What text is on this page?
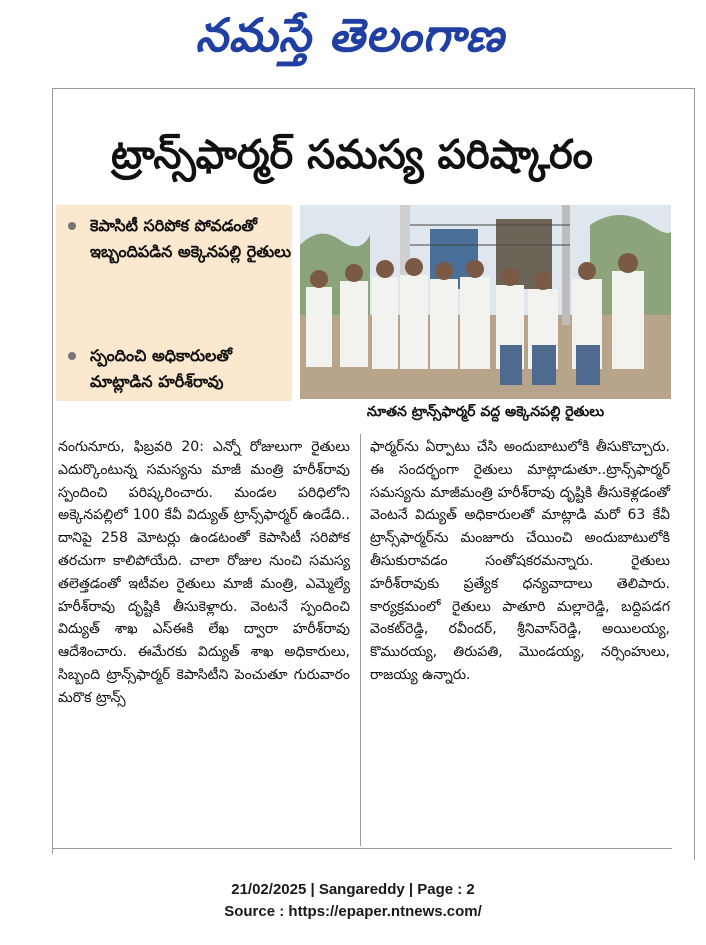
నమస్తే తెలంగాణ
ట్రాన్స్‌ఫార్మర్ సమస్య పరిష్కారం
కెపాసిటీ సరిపోక పోవడంతో ఇబ్బందిపడిన అక్కెనపల్లి రైతులు
స్పందించి అధికారులతో మాట్లాడిన హరీశ్‌రావు
నూతన ట్రాన్స్‌ఫార్మర్ వద్ద అక్కెనపల్లి రైతులు

నంగునూరు, ఫిబ్రవరి 20: ఎన్నో రోజులుగా రైతులు ఎదుర్కొంటున్న సమస్యను మాజీ మంత్రి హరీశ్‌రావు స్పందించి పరిష్కరించారు. మండల పరిధిలోని అక్కెనపల్లిలో 100 కేవీ విద్యుత్ ట్రాన్స్‌ఫార్మర్ ఉండేది.. దానిపై 258 మోటర్లు ఉండటంతో కెపాసిటీ సరిపోక తరచుగా కాలిపోయేది. చాలా రోజుల నుంచి సమస్య తలెత్తడంతో ఇటీవల రైతులు మాజీ మంత్రి, ఎమ్మెల్యే హరీశ్‌రావు దృష్టికి తీసుకెళ్లారు. వెంటనే స్పందించి విద్యుత్ శాఖ ఎస్‌ఈకి లేఖ ద్వారా హరీశ్‌రావు ఆదేశించారు. ఈమేరకు విద్యుత్ శాఖ అధికారులు, సిబ్బంది ట్రాన్స్‌ఫార్మర్ కెపాసిటీని పెంచుతూ గురువారం మరొక ట్రాన్స్‌

ఫార్మర్‌ను ఏర్పాటు చేసి అందుబాటులోకి తీసుకొచ్చారు. ఈ సందర్భంగా రైతులు మాట్లాడుతూ..ట్రాన్స్‌ఫార్మర్ సమస్యను మాజీమంత్రి హరీశ్‌రావు దృష్టికి తీసుకెళ్లడంతో వెంటనే విద్యుత్ అధికారులతో మాట్లాడి మరో 63 కేవీ ట్రాన్స్‌ఫార్మర్‌ను మంజూరు చేయించి అందుబాటులోకి తీసుకురావడం సంతోషకరమన్నారు. రైతులు హరీశ్‌రావుకు ప్రత్యేక ధన్యవాదాలు తెలిపారు. కార్యక్రమంలో రైతులు పాతూరి మల్లారెడ్డి, బద్దిపడగ వెంకట్‌రెడ్డి, రవీందర్, శ్రీనివాస్‌రెడ్డి, అయిలయ్య, కొమురయ్య, తిరుపతి, మొండయ్య, నర్సింహులు, రాజయ్య ఉన్నారు.

21/02/2025 | Sangareddy | Page : 2
Source : https://epaper.ntnews.com/
